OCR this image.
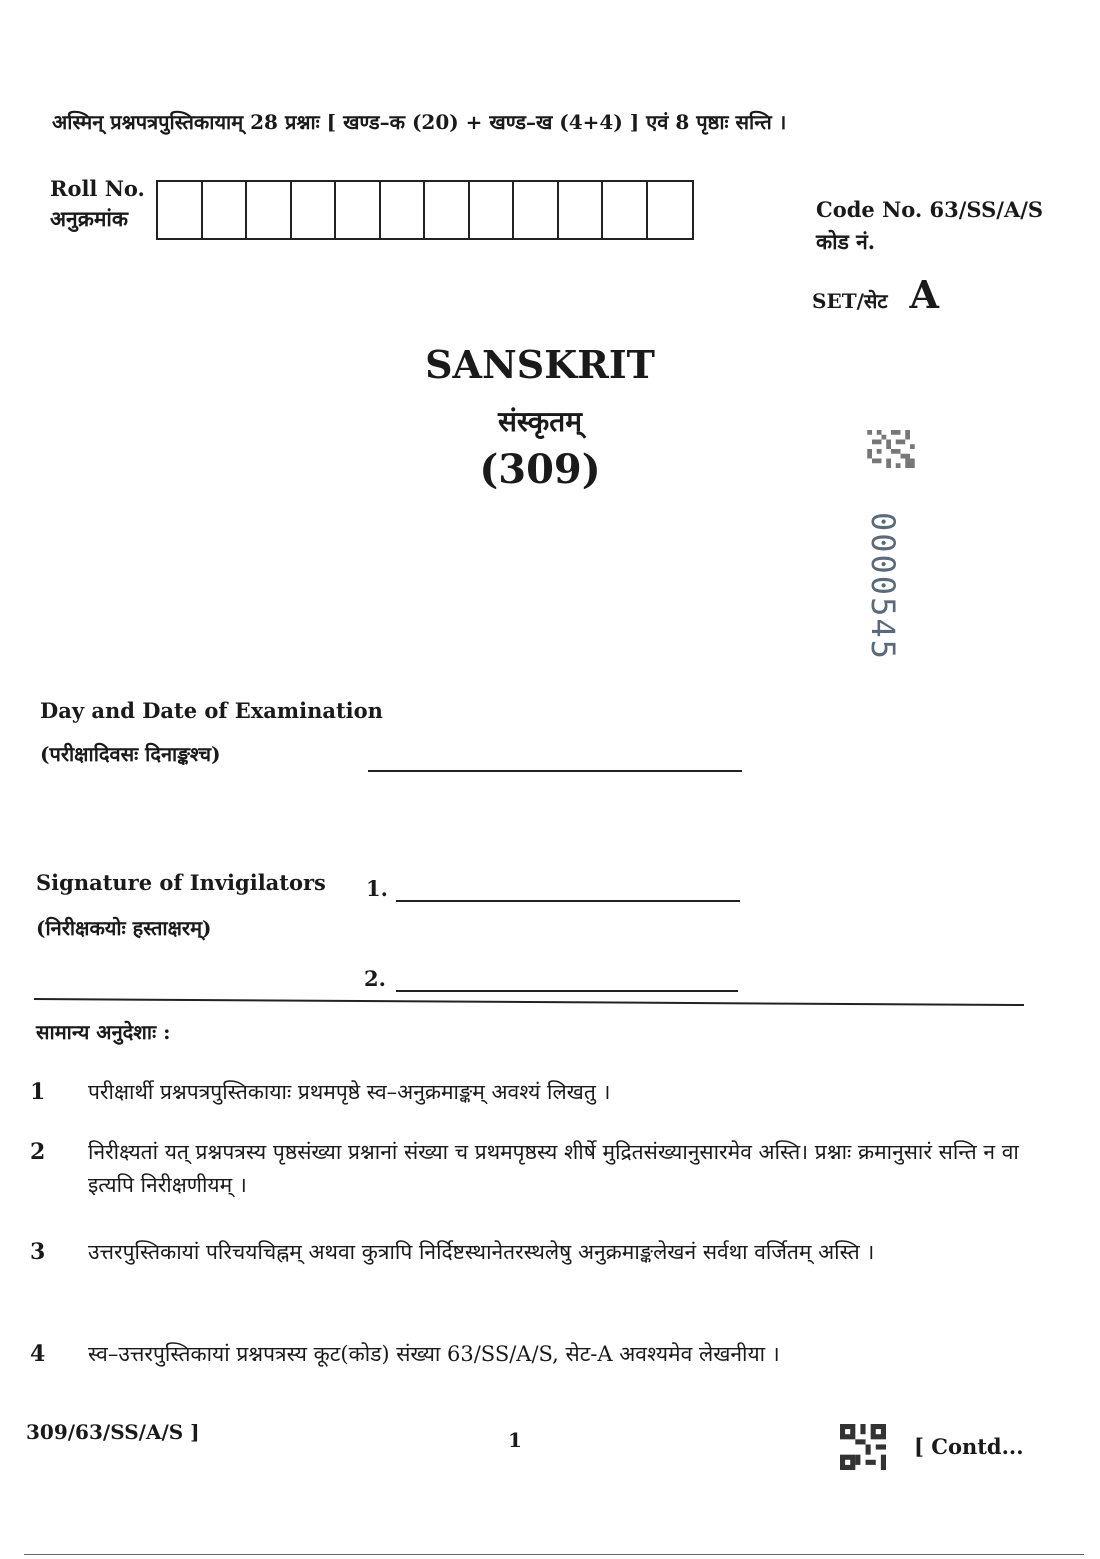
अस्मिन् प्रश्नपत्रपुस्तिकायाम् 28 प्रश्नाः [ खण्ड–क (20) + खण्ड–ख (4+4) ] एवं 8 पृष्ठाः सन्ति ।
Roll No.
अनुक्रमांक	Code No. 63/SS/A/S
कोड नं.
SET/सेट A
SANSKRIT
संस्कृतम्
(309)
0000545
Day and Date of Examination
(परीक्षादिवसः दिनाङ्कश्च)
Signature of Invigilators
(निरीक्षकयोः हस्ताक्षरम्)
1.
2.
सामान्य अनुदेशाः :
1	परीक्षार्थी प्रश्नपत्रपुस्तिकायाः प्रथमपृष्ठे स्व–अनुक्रमाङ्कम् अवश्यं लिखतु ।
2	निरीक्ष्यतां यत् प्रश्नपत्रस्य पृष्ठसंख्या प्रश्नानां संख्या च प्रथमपृष्ठस्य शीर्षे मुद्रितसंख्यानुसारमेव अस्ति। प्रश्नाः क्रमानुसारं सन्ति न वा इत्यपि निरीक्षणीयम् ।
3	उत्तरपुस्तिकायां परिचयचिह्नम् अथवा कुत्रापि निर्दिष्टस्थानेतरस्थलेषु अनुक्रमाङ्कलेखनं सर्वथा वर्जितम् अस्ति ।
4	स्व–उत्तरपुस्तिकायां प्रश्नपत्रस्य कूट(कोड) संख्या 63/SS/A/S, सेट-A अवश्यमेव लेखनीया ।
309/63/SS/A/S ]	1	[ Contd...
